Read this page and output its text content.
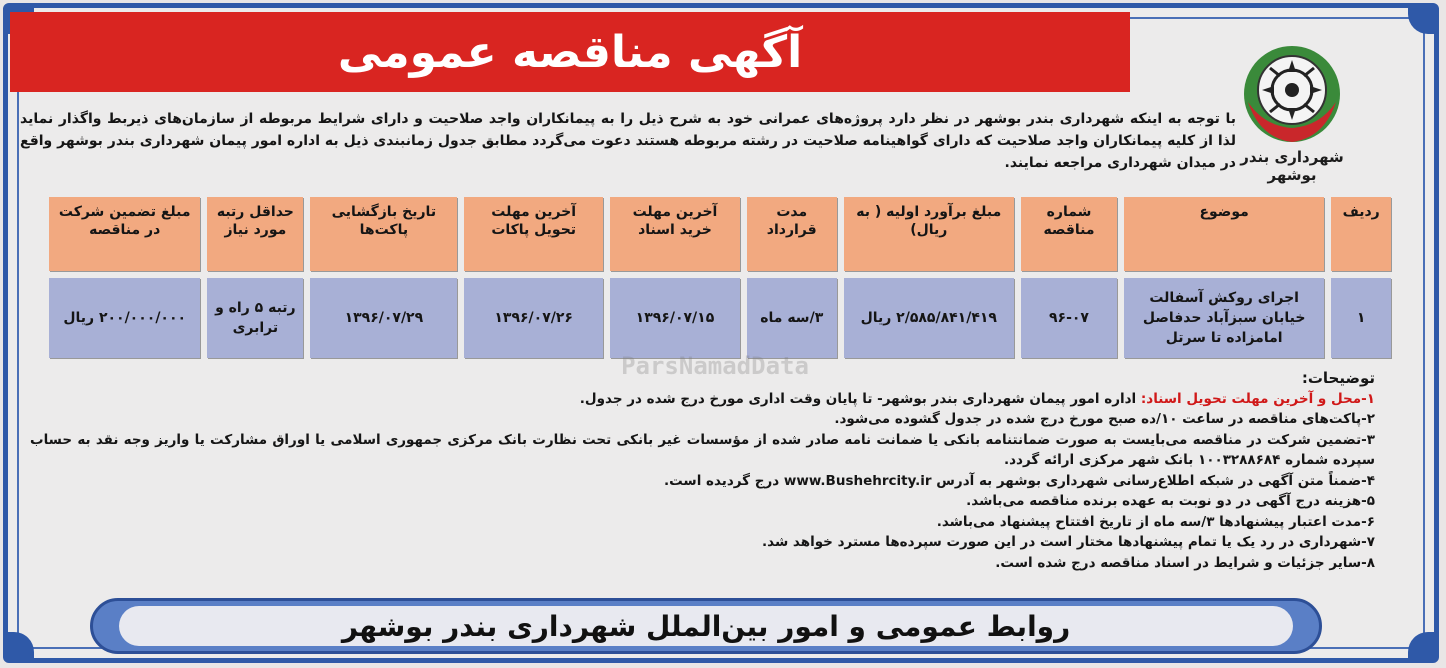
آگهی مناقصه عمومی
شهرداری بندر بوشهر
با توجه به اینکه شهرداری بندر بوشهر در نظر دارد پروژه‌های عمرانی خود به شرح ذیل را به پیمانکاران واجد صلاحیت و دارای شرایط مربوطه از سازمان‌های ذیربط واگذار نماید لذا از کلیه پیمانکاران واجد صلاحیت که دارای گواهینامه صلاحیت در رشته مربوطه هستند دعوت می‌گردد مطابق جدول زمانبندی ذیل به اداره امور پیمان شهرداری بندر بوشهر واقع در میدان شهرداری مراجعه نمایند.
ردیف	موضوع	شماره مناقصه	مبلغ برآورد اولیه ( به ریال)	مدت قرارداد	آخرین مهلت خرید اسناد	آخرین مهلت تحویل پاکات	تاریخ بازگشایی پاکت‌ها	حداقل رتبه مورد نیاز	مبلغ تضمین شرکت در مناقصه
۱	اجرای روکش آسفالت خیابان سبزآباد حدفاصل امامزاده تا سرتل	۹۶-۰۷	۲/۵۸۵/۸۴۱/۴۱۹ ریال	۳/سه ماه	۱۳۹۶/۰۷/۱۵	۱۳۹۶/۰۷/۲۶	۱۳۹۶/۰۷/۲۹	رتبه ۵ راه و ترابری	۲۰۰/۰۰۰/۰۰۰ ریال
ParsNamadData	توضیحات:
۱-محل و آخرین مهلت تحویل اسناد: اداره امور پیمان شهرداری بندر بوشهر- تا پایان وقت اداری مورخ درج شده در جدول.
۲-پاکت‌های مناقصه در ساعت ۱۰/ده صبح مورخ درج شده در جدول گشوده می‌شود.
۳-تضمین شرکت در مناقصه می‌بایست به صورت ضمانتنامه بانکی یا ضمانت نامه صادر شده از مؤسسات غیر بانکی تحت نظارت بانک مرکزی جمهوری اسلامی یا اوراق مشارکت یا واریز وجه نقد به حساب سپرده شماره ۱۰۰۳۲۸۸۶۸۴ بانک شهر مرکزی ارائه گردد.
۴-ضمناً متن آگهی در شبکه اطلاع‌رسانی شهرداری بوشهر به آدرس www.Bushehrcity.ir درج گردیده است.
۵-هزینه درج آگهی در دو نوبت به عهده برنده مناقصه می‌باشد.
۶-مدت اعتبار پیشنهادها ۳/سه ماه از تاریخ افتتاح پیشنهاد می‌باشد.
۷-شهرداری در رد یک یا تمام پیشنهادها مختار است در این صورت سپرده‌ها مسترد خواهد شد.
۸-سایر جزئیات و شرایط در اسناد مناقصه درج شده است.
روابط عمومی و امور بین‌الملل شهرداری بندر بوشهر
